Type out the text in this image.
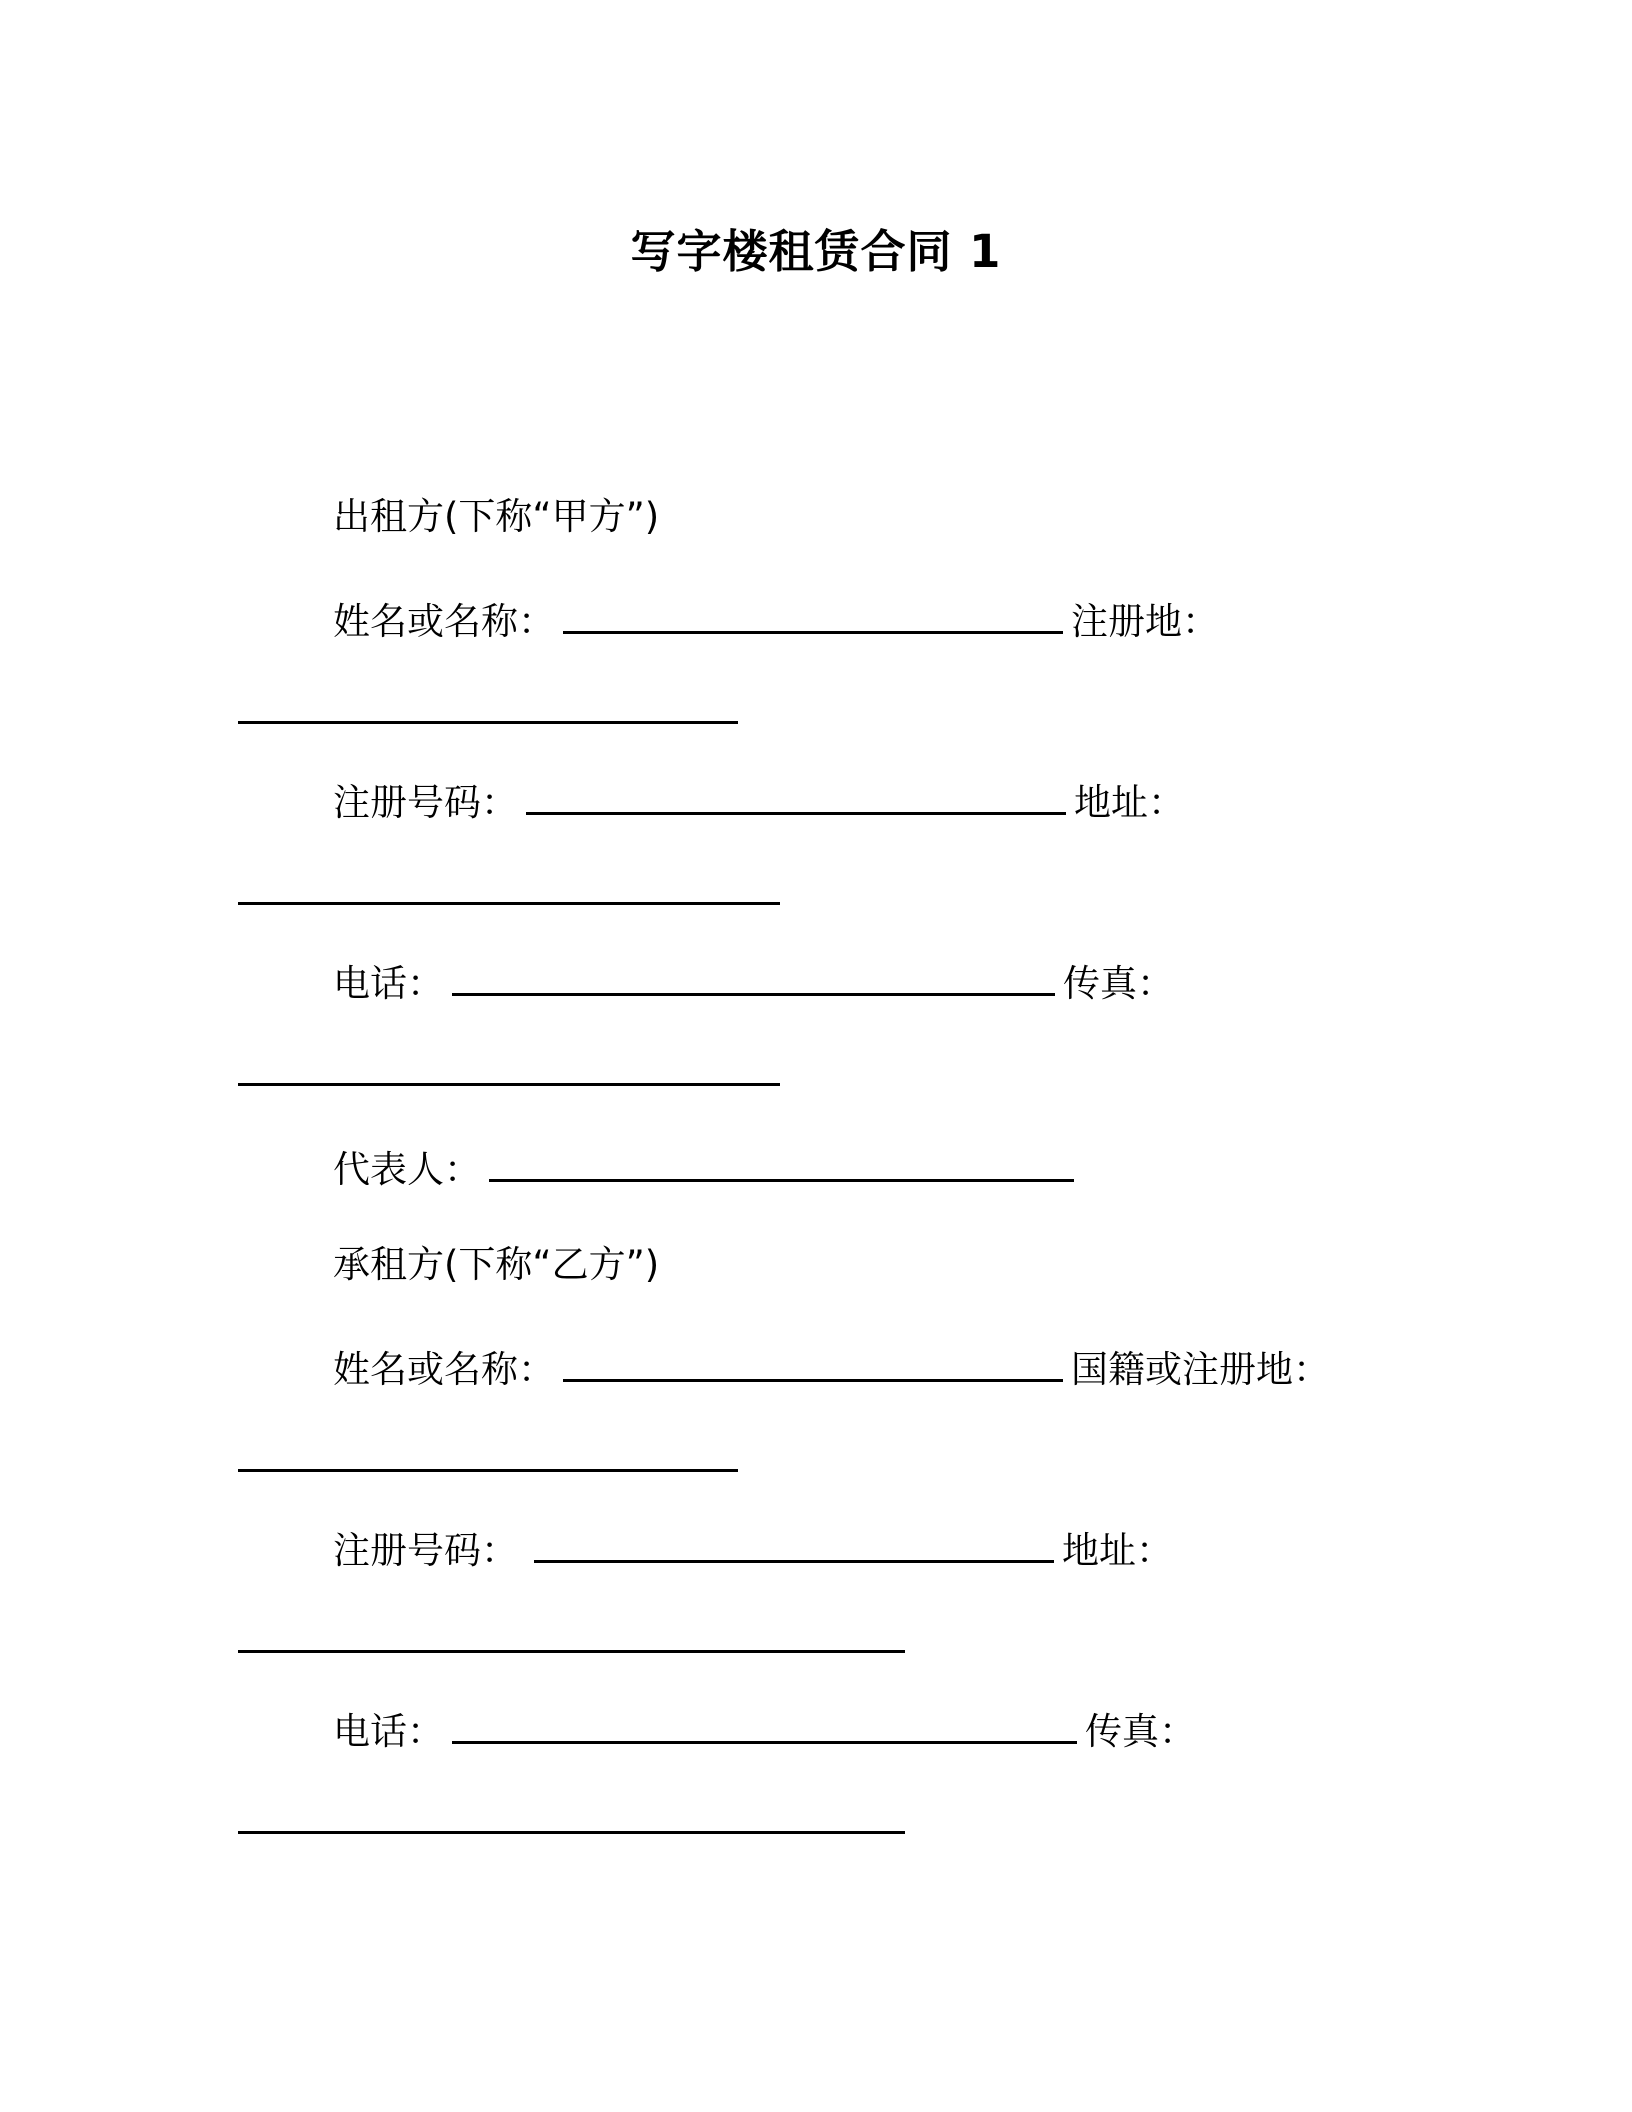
写字楼租赁合同 1
出租方(下称“甲方”)
姓名或名称：	注册地：
注册号码：	地址：
电话：	传真：
代表人：
承租方(下称“乙方”)
姓名或名称：	国籍或注册地：
注册号码：	地址：
电话：	传真：
